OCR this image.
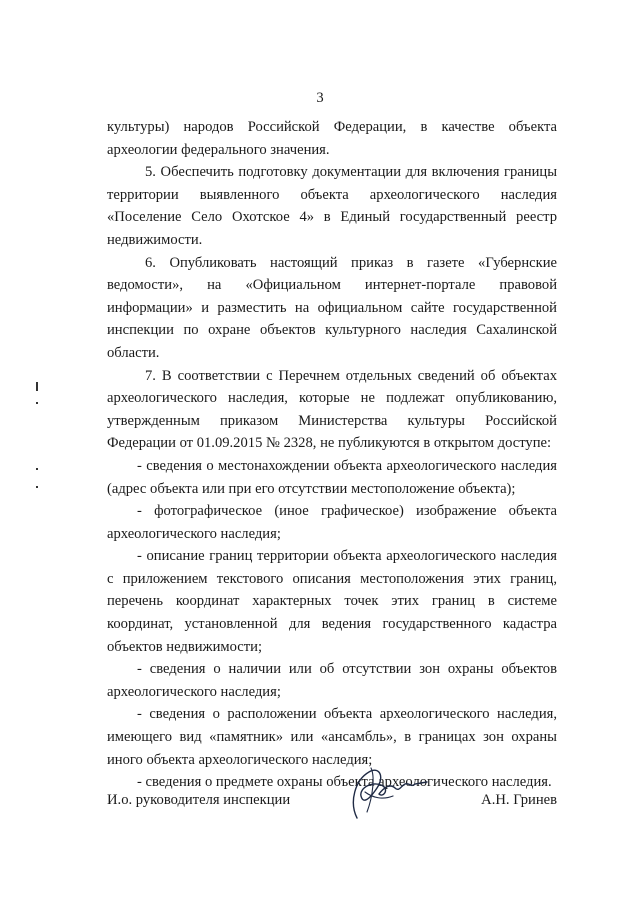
3

культуры) народов Российской Федерации, в качестве объекта археологии федерального значения.

5. Обеспечить подготовку документации для включения границы территории выявленного объекта археологического наследия «Поселение Село Охотское 4» в Единый государственный реестр недвижимости.

6. Опубликовать настоящий приказ в газете «Губернские ведомости», на «Официальном интернет-портале правовой информации» и разместить на официальном сайте государственной инспекции по охране объектов культурного наследия Сахалинской области.

7. В соответствии с Перечнем отдельных сведений об объектах археологического наследия, которые не подлежат опубликованию, утвержденным приказом Министерства культуры Российской Федерации от 01.09.2015 № 2328, не публикуются в открытом доступе:

- сведения о местонахождении объекта археологического наследия (адрес объекта или при его отсутствии местоположение объекта);

- фотографическое (иное графическое) изображение объекта археологического наследия;

- описание границ территории объекта археологического наследия с приложением текстового описания местоположения этих границ, перечень координат характерных точек этих границ в системе координат, установленной для ведения государственного кадастра объектов недвижимости;

- сведения о наличии или об отсутствии зон охраны объектов археологического наследия;

- сведения о расположении объекта археологического наследия, имеющего вид «памятник» или «ансамбль», в границах зон охраны иного объекта археологического наследия;

- сведения о предмете охраны объекта археологического наследия.

И.о. руководителя инспекции	А.Н. Гринев
